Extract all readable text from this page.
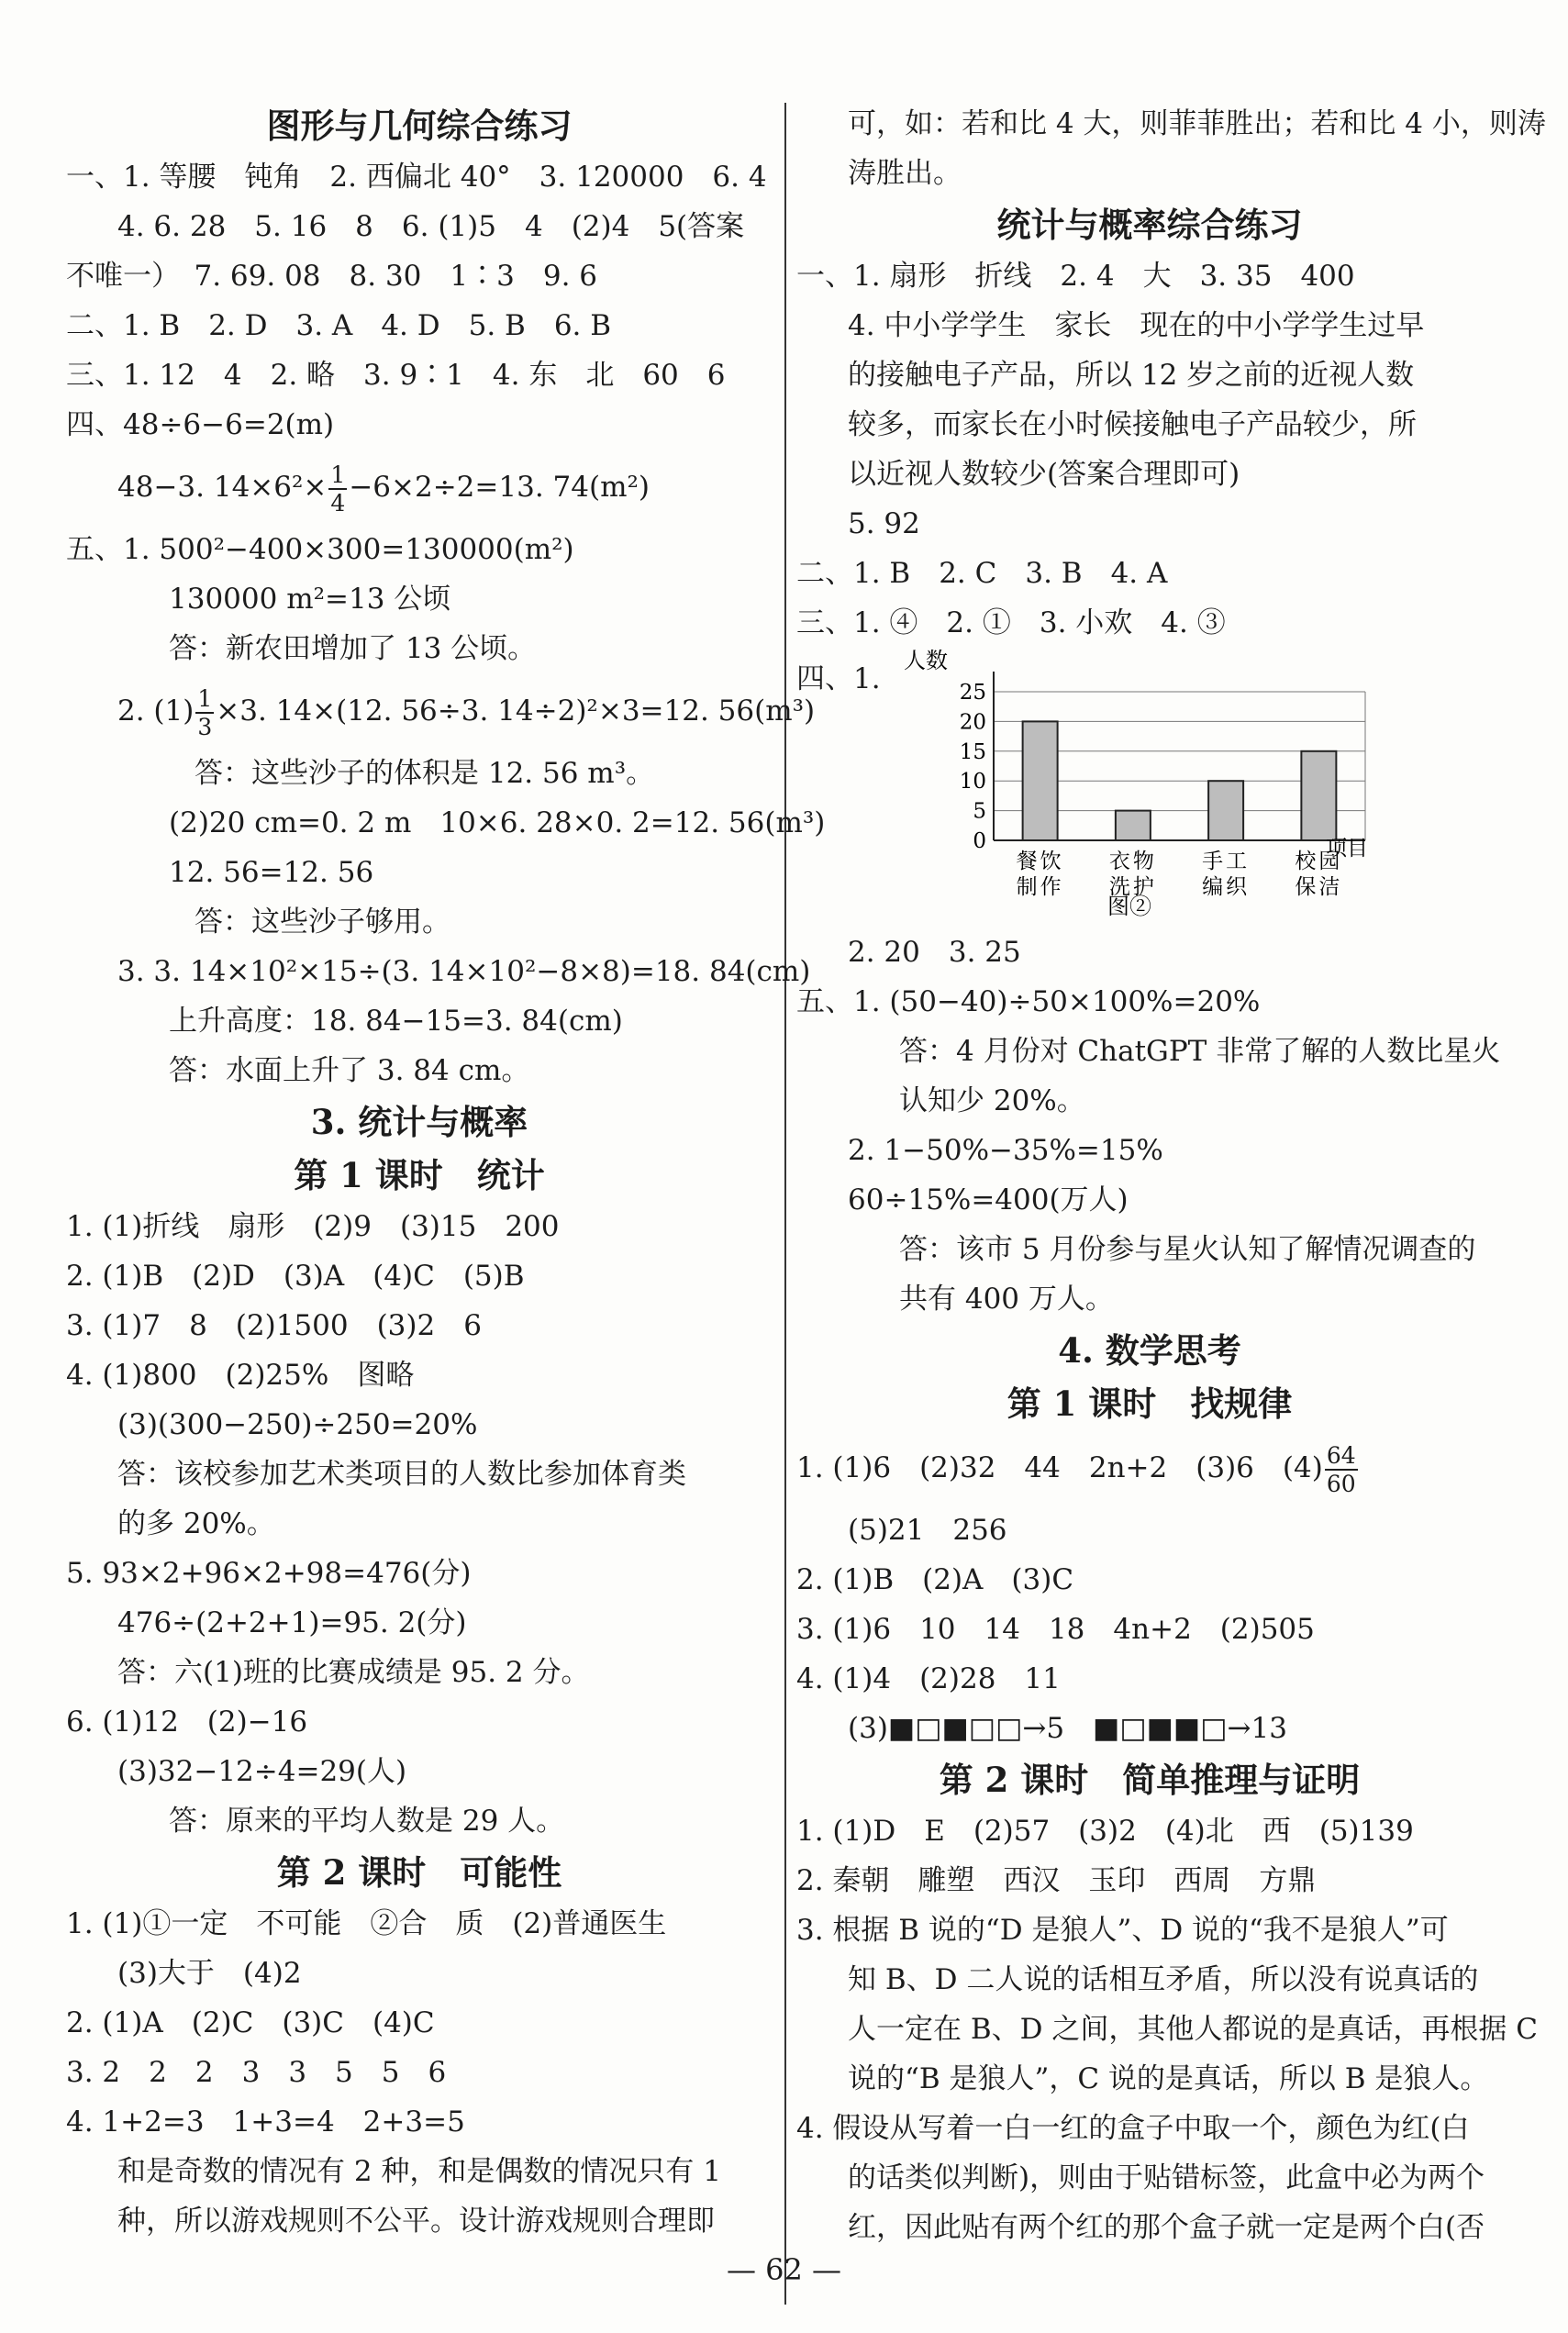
图形与几何综合练习
一、1. 等腰　钝角　2. 西偏北 40°　3. 120000　6. 4
4. 6. 28　5. 16　8　6. (1)5　4　(2)4　5(答案
不唯一）　7. 69. 08　8. 30　1∶3　9. 6
二、1. B　2. D　3. A　4. D　5. B　6. B
三、1. 12　4　2. 略　3. 9∶1　4. 东　北　60　6
四、48÷6−6=2(m)
48−3. $14\times 6^2\times \frac{1}{4} -6\times 2\div 2=13$. 74(m²)
五、1. 500²−400×300=130000(m²)
130000 m²=13 公顷
答：新农田增加了 13 公顷。
2. $(1) \frac{1}{3} \times 3$. 14×(12. 56÷3. 14÷2)²×3=12. 56(m³)
答：这些沙子的体积是 12. 56 m³。
(2)20 cm=0. 2 m　10×6. 28×0. 2=12. 56(m³)
12. 56=12. 56
答：这些沙子够用。
3. 3. 14×10²×15÷(3. 14×10²−8×8)=18. 84(cm)
上升高度：18. 84−15=3. 84(cm)
答：水面上升了 3. 84 cm。
3. 统计与概率
第 1 课时　统计
1. (1)折线　扇形　(2)9　(3)15　200
2. (1)B　(2)D　(3)A　(4)C　(5)B
3. (1)7　8　(2)1500　(3)2　6
4. (1)800　(2)25%　图略
(3)(300−250)÷250=20%
答：该校参加艺术类项目的人数比参加体育类
的多 20%。
5. 93×2+96×2+98=476(分)
476÷(2+2+1)=95. 2(分)
答：六(1)班的比赛成绩是 95. 2 分。
6. (1)12　(2)−16
(3)32−12÷4=29(人)
答：原来的平均人数是 29 人。
第 2 课时　可能性
1. (1)①一定　不可能　②合　质　(2)普通医生
(3)大于　(4)2
2. (1)A　(2)C　(3)C　(4)C
3. 2　2　2　3　3　5　5　6
4. 1+2=3　1+3=4　2+3=5
和是奇数的情况有 2 种，和是偶数的情况只有 1
种，所以游戏规则不公平。设计游戏规则合理即
可，如：若和比 4 大，则菲菲胜出；若和比 4 小，则涛
涛胜出。
统计与概率综合练习
一、1. 扇形　折线　2. 4　大　3. 35　400
4. 中小学学生　家长　现在的中小学学生过早
的接触电子产品，所以 12 岁之前的近视人数
较多，而家长在小时候接触电子产品较少，所
以近视人数较少(答案合理即可)
5. 92
二、1. B　2. C　3. B　4. A
三、1. ④　2. ①　3. 小欢　4. ③
四、1.
人数
0
5
10
15
20
25
餐饮
制作
衣物
洗护
手工
编织
校园
保洁
项目
图②
2. 20　3. 25
五、1. (50−40)÷50×100%=20%
答：4 月份对 ChatGPT 非常了解的人数比星火
认知少 20%。
2. 1−50%−35%=15%
60÷15%=400(万人)
答：该市 5 月份参与星火认知了解情况调查的
共有 400 万人。
4. 数学思考
第 1 课时　找规律
1. (1)6　(2)32　44　2n+2　(3)6　$(4) \frac{64}{60}$
(5)21　256
2. (1)B　(2)A　(3)C
3. (1)6　10　14　18　4n+2　(2)505
4. (1)4　(2)28　11
(3)■□■□□→5　■□■■□→13
第 2 课时　简单推理与证明
1. (1)D　E　(2)57　(3)2　(4)北　西　(5)139
2. 秦朝　雕塑　西汉　玉印　西周　方鼎
3. 根据 B 说的“D 是狼人”、D 说的“我不是狼人”可
知 B、D 二人说的话相互矛盾，所以没有说真话的
人一定在 B、D 之间，其他人都说的是真话，再根据 C
说的“B 是狼人”，C 说的是真话，所以 B 是狼人。
4. 假设从写着一白一红的盒子中取一个，颜色为红(白
的话类似判断)，则由于贴错标签，此盒中必为两个
红，因此贴有两个红的那个盒子就一定是两个白(否
— 62 —
